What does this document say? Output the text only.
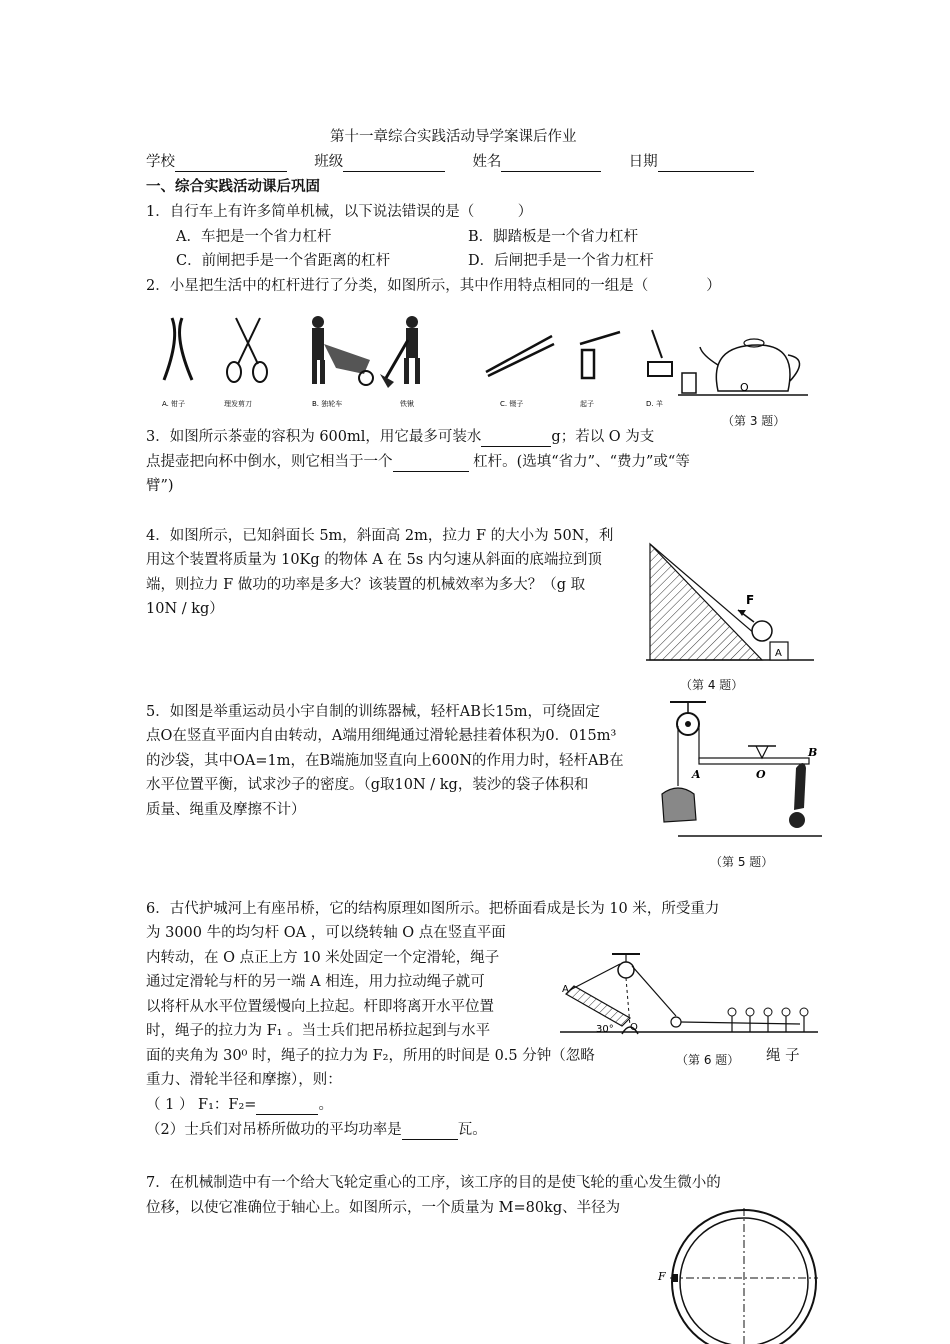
第十一章综合实践活动导学案课后作业
学校	班级	姓名	日期
一、综合实践活动课后巩固
1．自行车上有许多简单机械，以下说法错误的是（　　　）
A．车把是一个省力杠杆	B．脚踏板是一个省力杠杆
C．前闸把手是一个省距离的杠杆	D．后闸把手是一个省力杠杆
2．小星把生活中的杠杆进行了分类，如图所示，其中作用特点相同的一组是（　　　　）
A. 钳子	理发剪刀	B. 独轮车	铁锹	C. 镊子	起子	D. 羊
O
（第 3 题）
3．如图所示茶壶的容积为 600ml，用它最多可装水	g；若以 O 为支
点提壶把向杯中倒水，则它相当于一个	杠杆。(选填“省力”、“费力”或“等
臂”)
4．如图所示，已知斜面长 5m，斜面高 2m，拉力 F 的大小为 50N，利
用这个装置将质量为 10Kg 的物体 A 在 5s 内匀速从斜面的底端拉到顶
端，则拉力 F 做功的功率是多大？该装置的机械效率为多大？（g 取
10N / kg）
F
A
（第 4 题）
5．如图是举重运动员小宇自制的训练器械，轻杆AB长15m，可绕固定
点O在竖直平面内自由转动，A端用细绳通过滑轮悬挂着体积为0．015m³
的沙袋，其中OA=1m，在B端施加竖直向上600N的作用力时，轻杆AB在
水平位置平衡，试求沙子的密度。（g取10N / kg，装沙的袋子体积和
质量、绳重及摩擦不计）
A	O
B
（第 5 题）
6．古代护城河上有座吊桥，它的结构原理如图所示。把桥面看成是长为 10 米，所受重力
为 3000 牛的均匀杆 OA ，可以绕转轴 O 点在竖直平面
内转动，在 O 点正上方 10 米处固定一个定滑轮，绳子
通过定滑轮与杆的另一端 A 相连，用力拉动绳子就可
以将杆从水平位置缓慢向上拉起。杆即将离开水平位置
时，绳子的拉力为 F₁ 。当士兵们把吊桥拉起到与水平
面的夹角为 30⁰ 时，绳子的拉力为 F₂，所用的时间是 0.5 分钟（忽略	（第 6 题） 绳 子
重力、滑轮半径和摩擦），则：
（ 1 ） F₁：F₂=	。
（2）士兵们对吊桥所做功的平均功率是	瓦。
A
O
30°
7．在机械制造中有一个给大飞轮定重心的工序，该工序的目的是使飞轮的重心发生微小的
位移，以使它准确位于轴心上。如图所示，一个质量为 M=80kg、半径为
F
